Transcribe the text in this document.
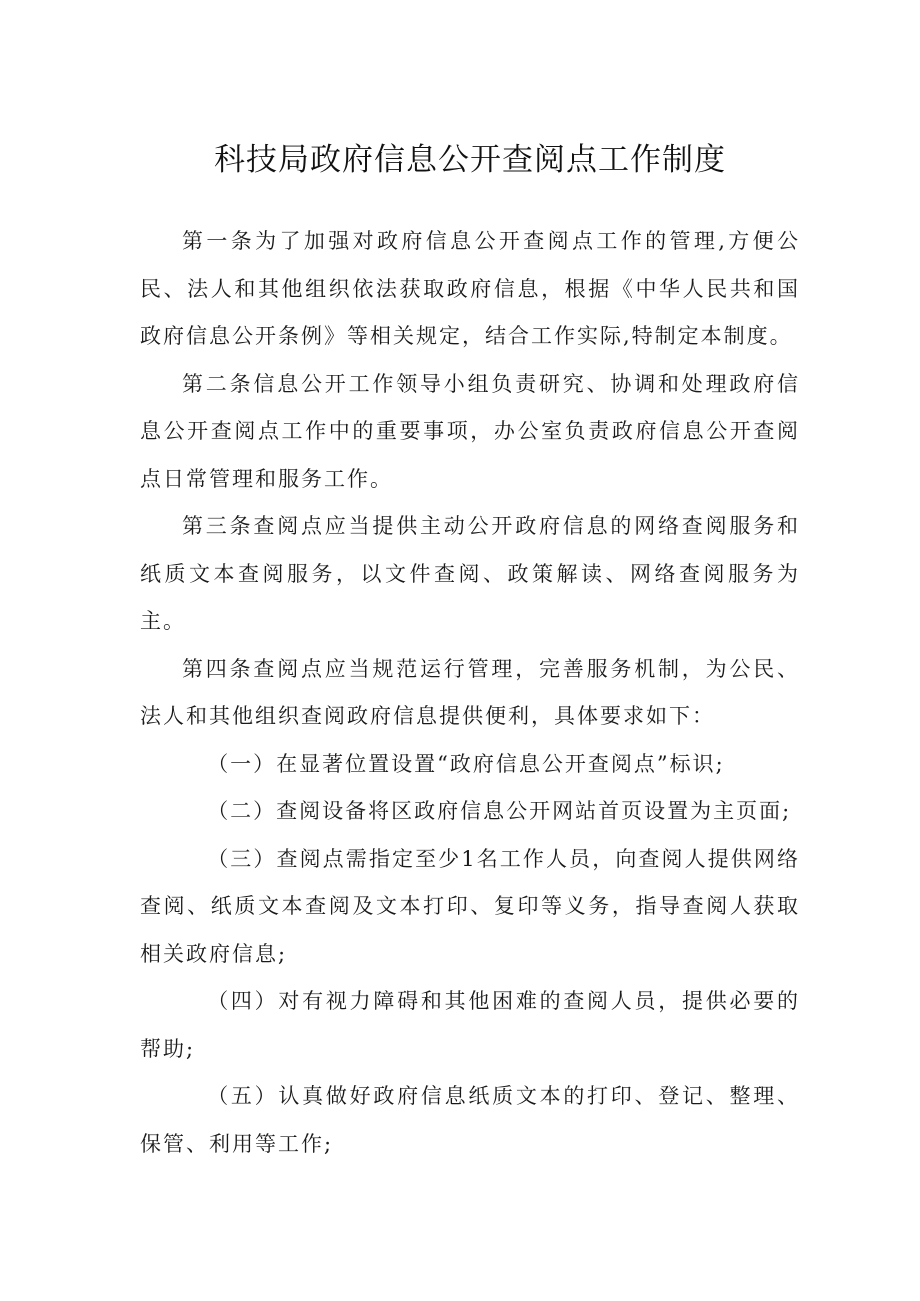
科技局政府信息公开查阅点工作制度

第一条为了加强对政府信息公开查阅点工作的管理,方便公民、法人和其他组织依法获取政府信息，根据《中华人民共和国政府信息公开条例》等相关规定，结合工作实际,特制定本制度。

第二条信息公开工作领导小组负责研究、协调和处理政府信息公开查阅点工作中的重要事项，办公室负责政府信息公开查阅点日常管理和服务工作。

第三条查阅点应当提供主动公开政府信息的网络查阅服务和纸质文本查阅服务，以文件查阅、政策解读、网络查阅服务为主。

第四条查阅点应当规范运行管理，完善服务机制，为公民、法人和其他组织查阅政府信息提供便利，具体要求如下：

（一）在显著位置设置“政府信息公开查阅点”标识;

（二）查阅设备将区政府信息公开网站首页设置为主页面;

（三）查阅点需指定至少1名工作人员，向查阅人提供网络查阅、纸质文本查阅及文本打印、复印等义务，指导查阅人获取相关政府信息;

（四）对有视力障碍和其他困难的查阅人员，提供必要的帮助;

（五）认真做好政府信息纸质文本的打印、登记、整理、保管、利用等工作;
